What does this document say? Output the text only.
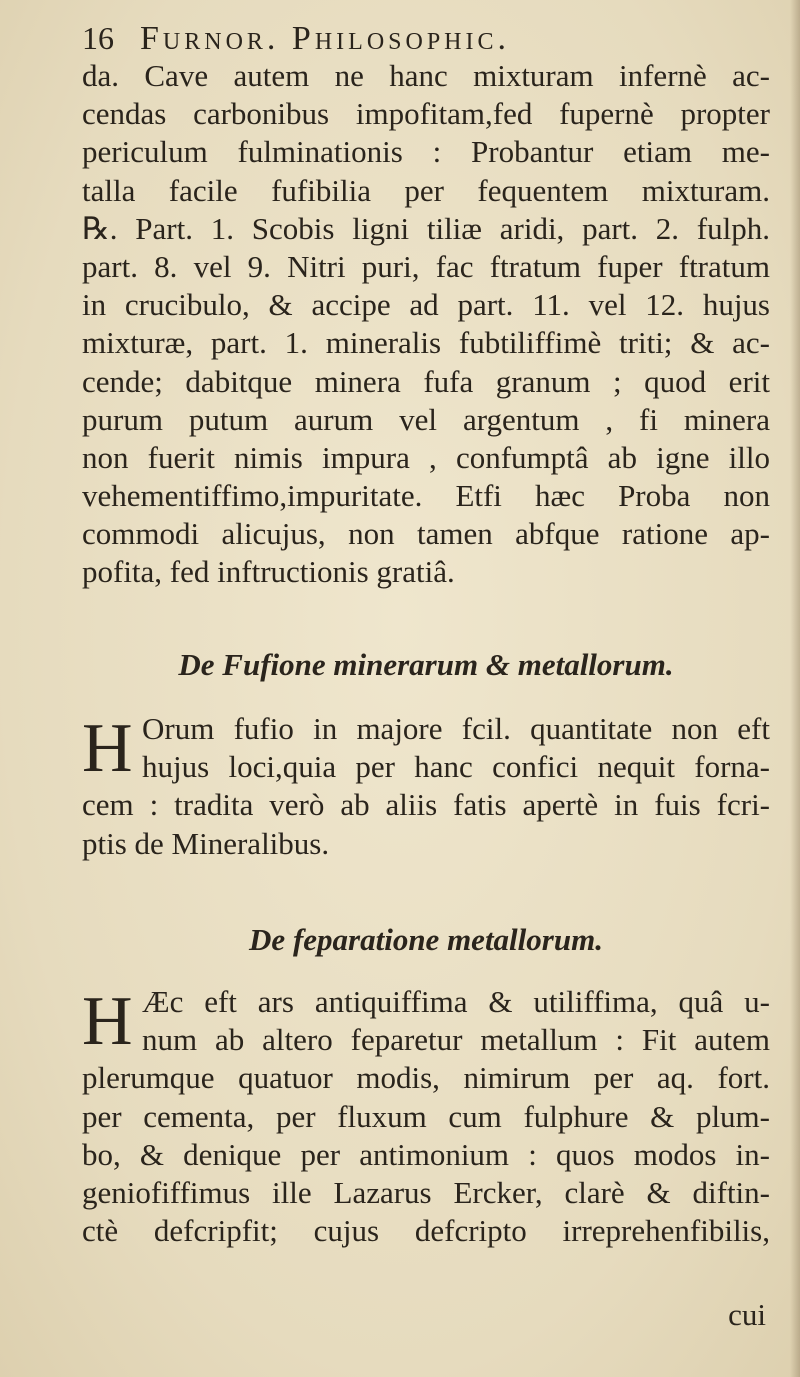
16 Furnor. Philosophic.
da. Cave autem ne hanc mixturam infernè ac-
cendas carbonibus impofitam,fed fupernè propter
periculum fulminationis : Probantur etiam me-
talla facile fufibilia per fequentem mixturam.
℞. Part. 1. Scobis ligni tiliæ aridi, part. 2. fulph.
part. 8. vel 9. Nitri puri, fac ftratum fuper ftratum
in crucibulo, & accipe ad part. 11. vel 12. hujus
mixturæ, part. 1. mineralis fubtiliffimè triti; & ac-
cende; dabitque minera fufa granum ; quod erit
purum putum aurum vel argentum , fi minera
non fuerit nimis impura , confumptâ ab igne illo
vehementiffimo,impuritate. Etfi hæc Proba non
commodi alicujus, non tamen abfque ratione ap-
pofita, fed inftructionis gratiâ.
De Fufione minerarum & metallorum.
H Orum fufio in majore fcil. quantitate non eft
hujus loci,quia per hanc confici nequit forna-
cem : tradita verò ab aliis fatis apertè in fuis fcri-
ptis de Mineralibus.
De feparatione metallorum.
H Æc eft ars antiquiffima & utiliffima, quâ u-
num ab altero feparetur metallum : Fit autem
plerumque quatuor modis, nimirum per aq. fort.
per cementa, per fluxum cum fulphure & plum-
bo, & denique per antimonium : quos modos in-
geniofiffimus ille Lazarus Ercker, clarè & diftin-
ctè defcripfit; cujus defcripto irreprehenfibilis,
cui
